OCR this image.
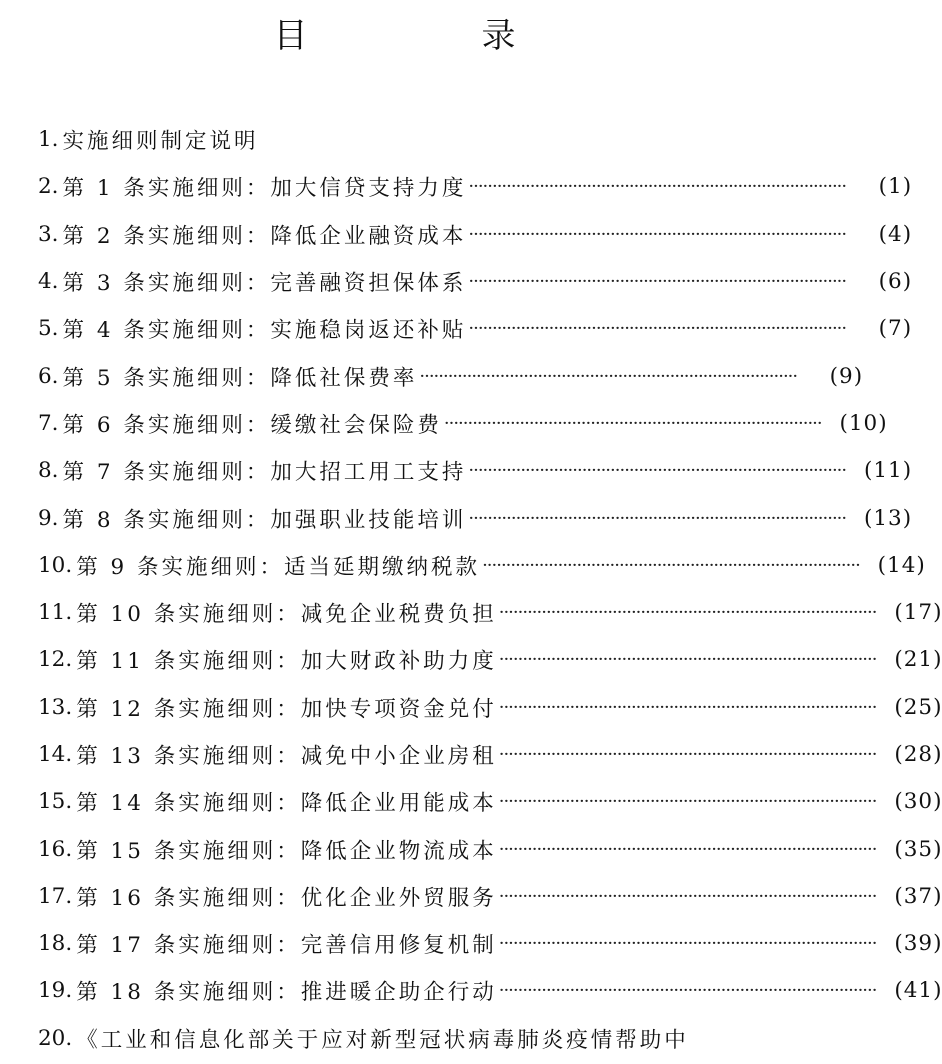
目　录
1. 实施细则制定说明
2. 第 1 条实施细则：加大信贷支持力度 ················································································	(1)
3. 第 2 条实施细则：降低企业融资成本 ················································································	(4)
4. 第 3 条实施细则：完善融资担保体系 ················································································	(6)
5. 第 4 条实施细则：实施稳岗返还补贴 ················································································	(7)
6. 第 5 条实施细则：降低社保费率 ················································································	(9)
7. 第 6 条实施细则：缓缴社会保险费 ················································································ (10)
8. 第 7 条实施细则：加大招工用工支持 ················································································ (11)
9. 第 8 条实施细则：加强职业技能培训 ················································································ (13)
10. 第 9 条实施细则：适当延期缴纳税款 ················································································ (14)
11. 第 10 条实施细则：减免企业税费负担 ················································································ (17)
12. 第 11 条实施细则：加大财政补助力度 ················································································ (21)
13. 第 12 条实施细则：加快专项资金兑付 ················································································ (25)
14. 第 13 条实施细则：减免中小企业房租 ················································································ (28)
15. 第 14 条实施细则：降低企业用能成本 ················································································ (30)
16. 第 15 条实施细则：降低企业物流成本 ················································································ (35)
17. 第 16 条实施细则：优化企业外贸服务 ················································································ (37)
18. 第 17 条实施细则：完善信用修复机制 ················································································ (39)
19. 第 18 条实施细则：推进暖企助企行动 ················································································ (41)
20. 《工业和信息化部关于应对新型冠状病毒肺炎疫情帮助中
